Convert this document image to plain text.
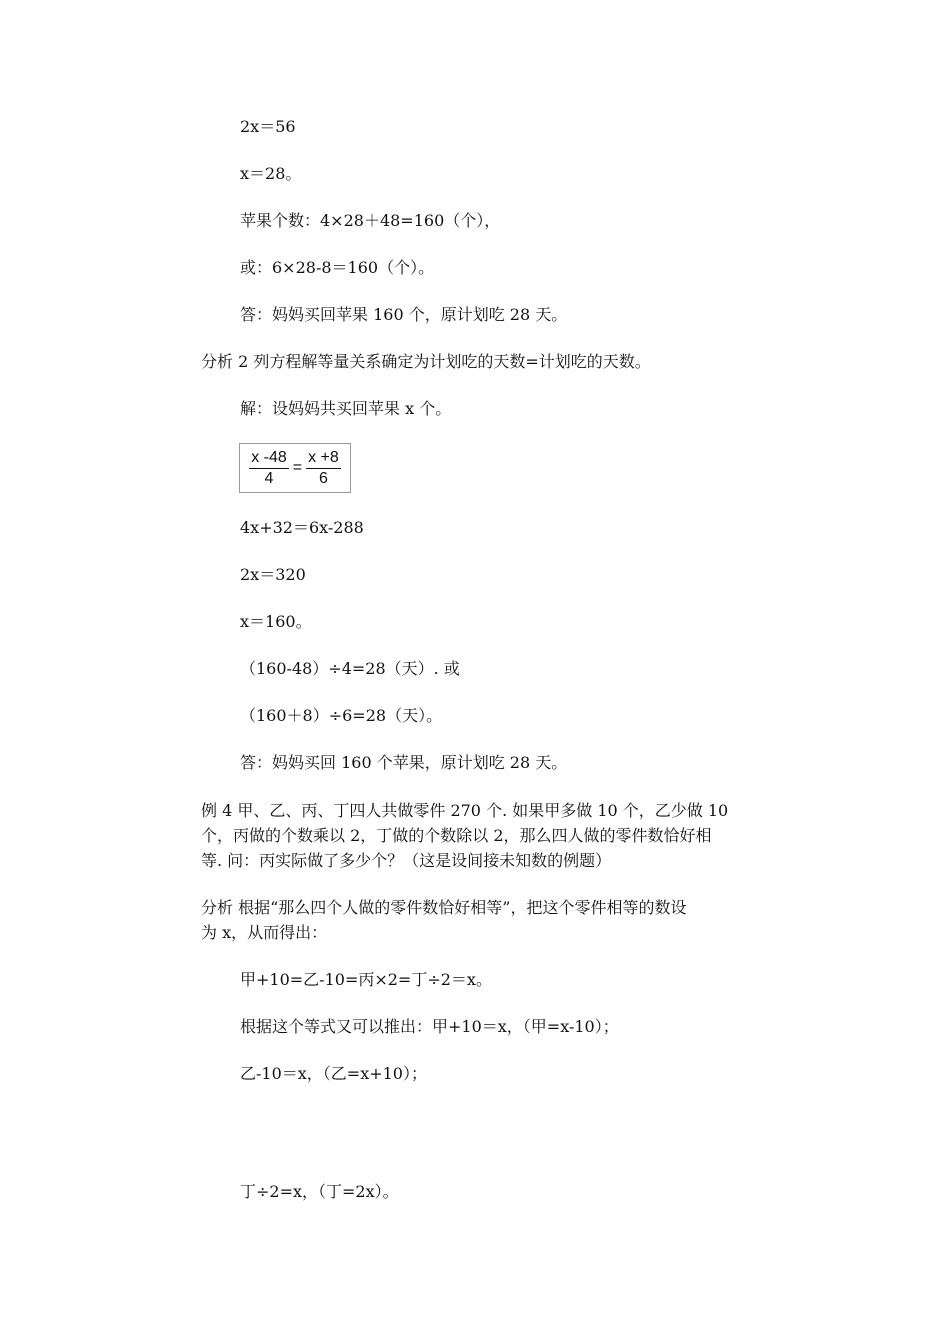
2x＝56
x＝28。
苹果个数：4×28＋48=160（个），
或：6×28-8＝160（个）。
答：妈妈买回苹果 160 个，原计划吃 28 天。
分析 2 列方程解等量关系确定为计划吃的天数=计划吃的天数。
解：设妈妈共买回苹果 x 个。
$\frac{x -48}{4} = \frac{x +8}{6}$
4x+32＝6x-288
2x＝320
x＝160。
（160-48）÷4=28（天）. 或
（160＋8）÷6=28（天）。
答：妈妈买回 160 个苹果，原计划吃 28 天。
例 4 甲、乙、丙、丁四人共做零件 270 个. 如果甲多做 10 个，乙少做 10
个，丙做的个数乘以 2，丁做的个数除以 2，那么四人做的零件数恰好相
等. 问：丙实际做了多少个？（这是设间接未知数的例题）
分析 根据“那么四个人做的零件数恰好相等”，把这个零件相等的数设
为 x，从而得出：
甲+10=乙-10=丙×2=丁÷2＝x。
根据这个等式又可以推出：甲+10＝x，（甲=x-10）；
乙-10＝x，（乙=x+10）；
丁÷2=x，（丁=2x）。
